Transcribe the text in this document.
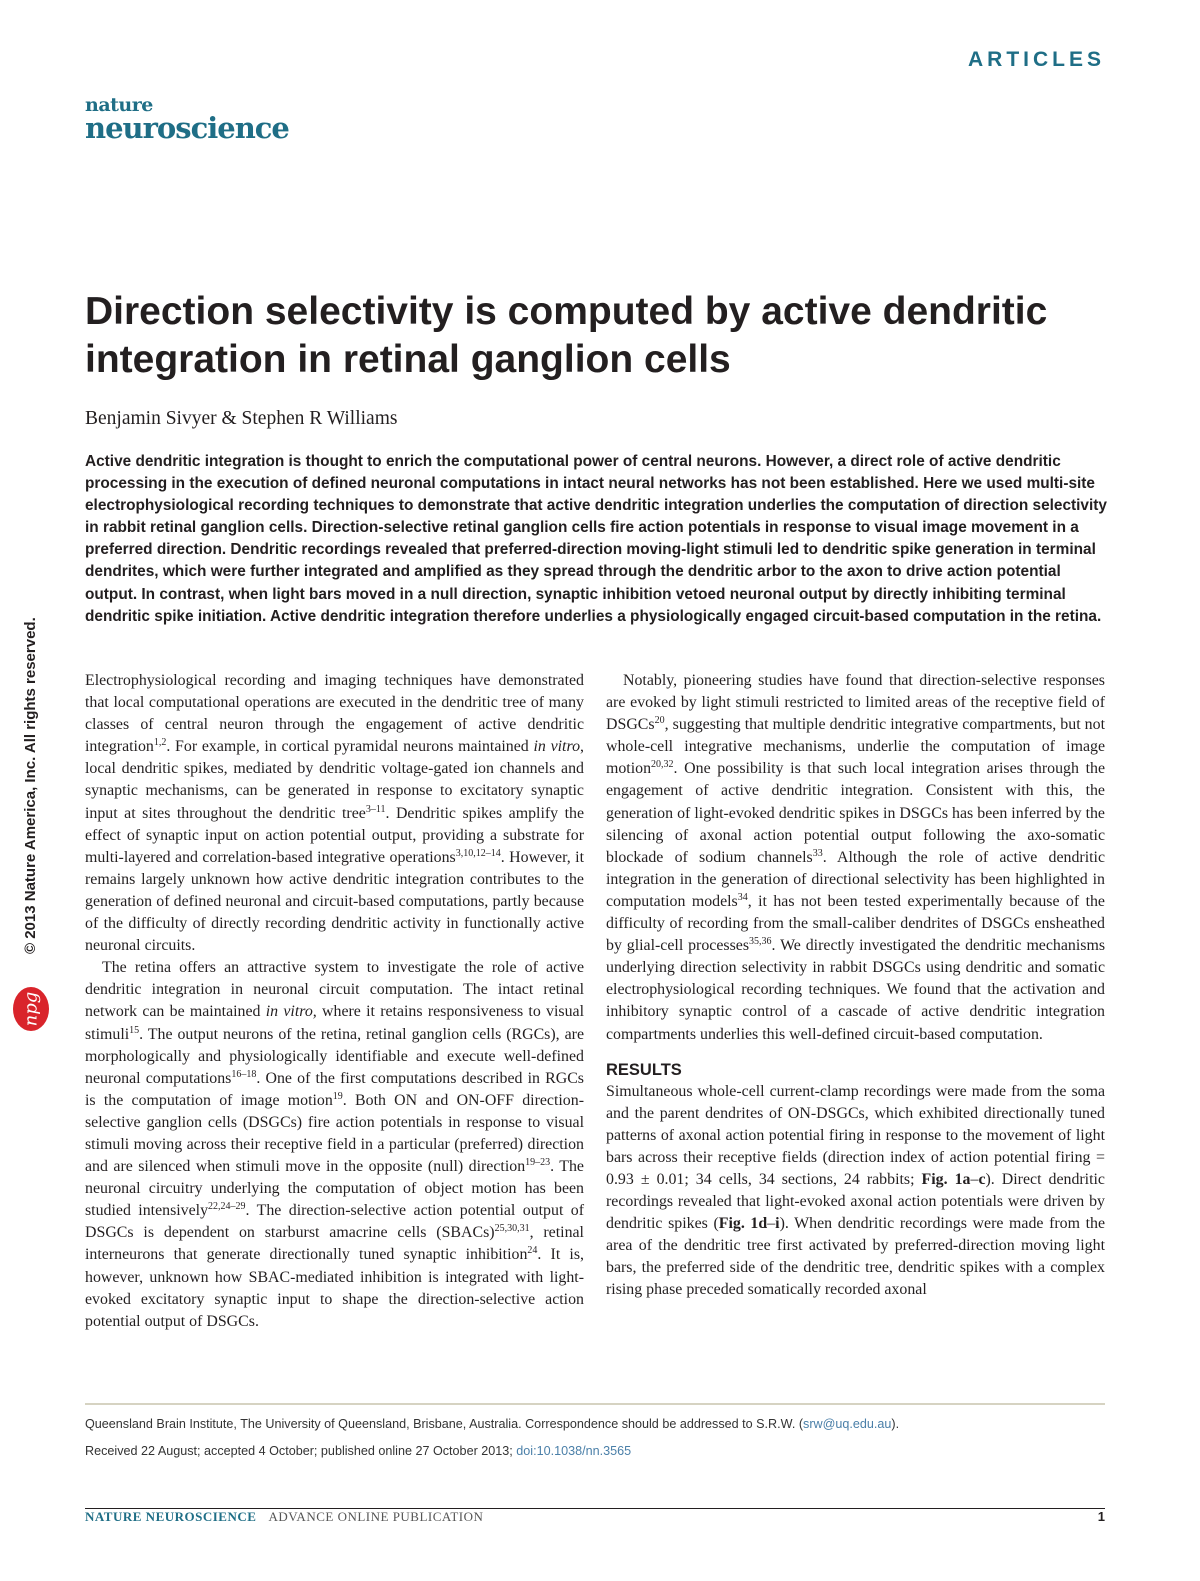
ARTICLES
nature
neuroscience
© 2013 Nature America, Inc. All rights reserved.
npg
Direction selectivity is computed by active dendritic integration in retinal ganglion cells
Benjamin Sivyer & Stephen R Williams

Active dendritic integration is thought to enrich the computational power of central neurons. However, a direct role of active dendritic processing in the execution of defined neuronal computations in intact neural networks has not been established. Here we used multi-site electrophysiological recording techniques to demonstrate that active dendritic integration underlies the computation of direction selectivity in rabbit retinal ganglion cells. Direction-selective retinal ganglion cells fire action potentials in response to visual image movement in a preferred direction. Dendritic recordings revealed that preferred-direction moving-light stimuli led to dendritic spike generation in terminal dendrites, which were further integrated and amplified as they spread through the dendritic arbor to the axon to drive action potential output. In contrast, when light bars moved in a null direction, synaptic inhibition vetoed neuronal output by directly inhibiting terminal dendritic spike initiation. Active dendritic integration therefore underlies a physiologically engaged circuit-based computation in the retina.

Electrophysiological recording and imaging techniques have demonstrated that local computational operations are executed in the dendritic tree of many classes of central neuron through the engagement of active dendritic integration$^{1,2}$. For example, in cortical pyramidal neurons maintained in vitro, local dendritic spikes, mediated by dendritic voltage-gated ion channels and synaptic mechanisms, can be generated in response to excitatory synaptic input at sites throughout the dendritic tree$^{3-11}$. Dendritic spikes amplify the effect of synaptic input on action potential output, providing a substrate for multi-layered and correlation-based integrative operations$^{3,10,12-14}$. However, it remains largely unknown how active dendritic integration contributes to the generation of defined neuronal and circuit-based computations, partly because of the difficulty of directly recording dendritic activity in functionally active neuronal circuits.

The retina offers an attractive system to investigate the role of active dendritic integration in neuronal circuit computation. The intact retinal network can be maintained in vitro, where it retains responsiveness to visual stimuli$^{15}$. The output neurons of the retina, retinal ganglion cells (RGCs), are morphologically and physiologically identifiable and execute well-defined neuronal computations$^{16-18}$. One of the first computations described in RGCs is the computation of image motion$^{19}$. Both ON and ON-OFF direction-selective ganglion cells (DSGCs) fire action potentials in response to visual stimuli moving across their receptive field in a particular (preferred) direction and are silenced when stimuli move in the opposite (null) direction$^{19-23}$. The neuronal circuitry underlying the computation of object motion has been studied intensively$^{22,24-29}$. The direction-selective action potential output of DSGCs is dependent on starburst amacrine cells (SBACs)$^{25,30,31}$, retinal interneurons that generate directionally tuned synaptic inhibition$^{24}$. It is, however, unknown how SBAC-mediated inhibition is integrated with light-evoked excitatory synaptic input to shape the direction-selective action potential output of DSGCs.

Notably, pioneering studies have found that direction-selective responses are evoked by light stimuli restricted to limited areas of the receptive field of DSGCs$^{20}$, suggesting that multiple dendritic integrative compartments, but not whole-cell integrative mechanisms, underlie the computation of image motion$^{20,32}$. One possibility is that such local integration arises through the engagement of active dendritic integration. Consistent with this, the generation of light-evoked dendritic spikes in DSGCs has been inferred by the silencing of axonal action potential output following the axo-somatic blockade of sodium channels$^{33}$. Although the role of active dendritic integration in the generation of directional selectivity has been highlighted in computation models$^{34}$, it has not been tested experimentally because of the difficulty of recording from the small-caliber dendrites of DSGCs ensheathed by glial-cell processes$^{35,36}$. We directly investigated the dendritic mechanisms underlying direction selectivity in rabbit DSGCs using dendritic and somatic electrophysiological recording techniques. We found that the activation and inhibitory synaptic control of a cascade of active dendritic integration compartments underlies this well-defined circuit-based computation.

RESULTS

Simultaneous whole-cell current-clamp recordings were made from the soma and the parent dendrites of ON-DSGCs, which exhibited directionally tuned patterns of axonal action potential firing in response to the movement of light bars across their receptive fields (direction index of action potential firing = 0.93 ± 0.01; 34 cells, 34 sections, 24 rabbits; Fig. 1a–c). Direct dendritic recordings revealed that light-evoked axonal action potentials were driven by dendritic spikes (Fig. 1d–i). When dendritic recordings were made from the area of the dendritic tree first activated by preferred-direction moving light bars, the preferred side of the dendritic tree, dendritic spikes with a complex rising phase preceded somatically recorded axonal

Queensland Brain Institute, The University of Queensland, Brisbane, Australia. Correspondence should be addressed to S.R.W. (srw@uq.edu.au).
Received 22 August; accepted 4 October; published online 27 October 2013; doi:10.1038/nn.3565
NATURE NEUROSCIENCE ADVANCE ONLINE PUBLICATION	1
